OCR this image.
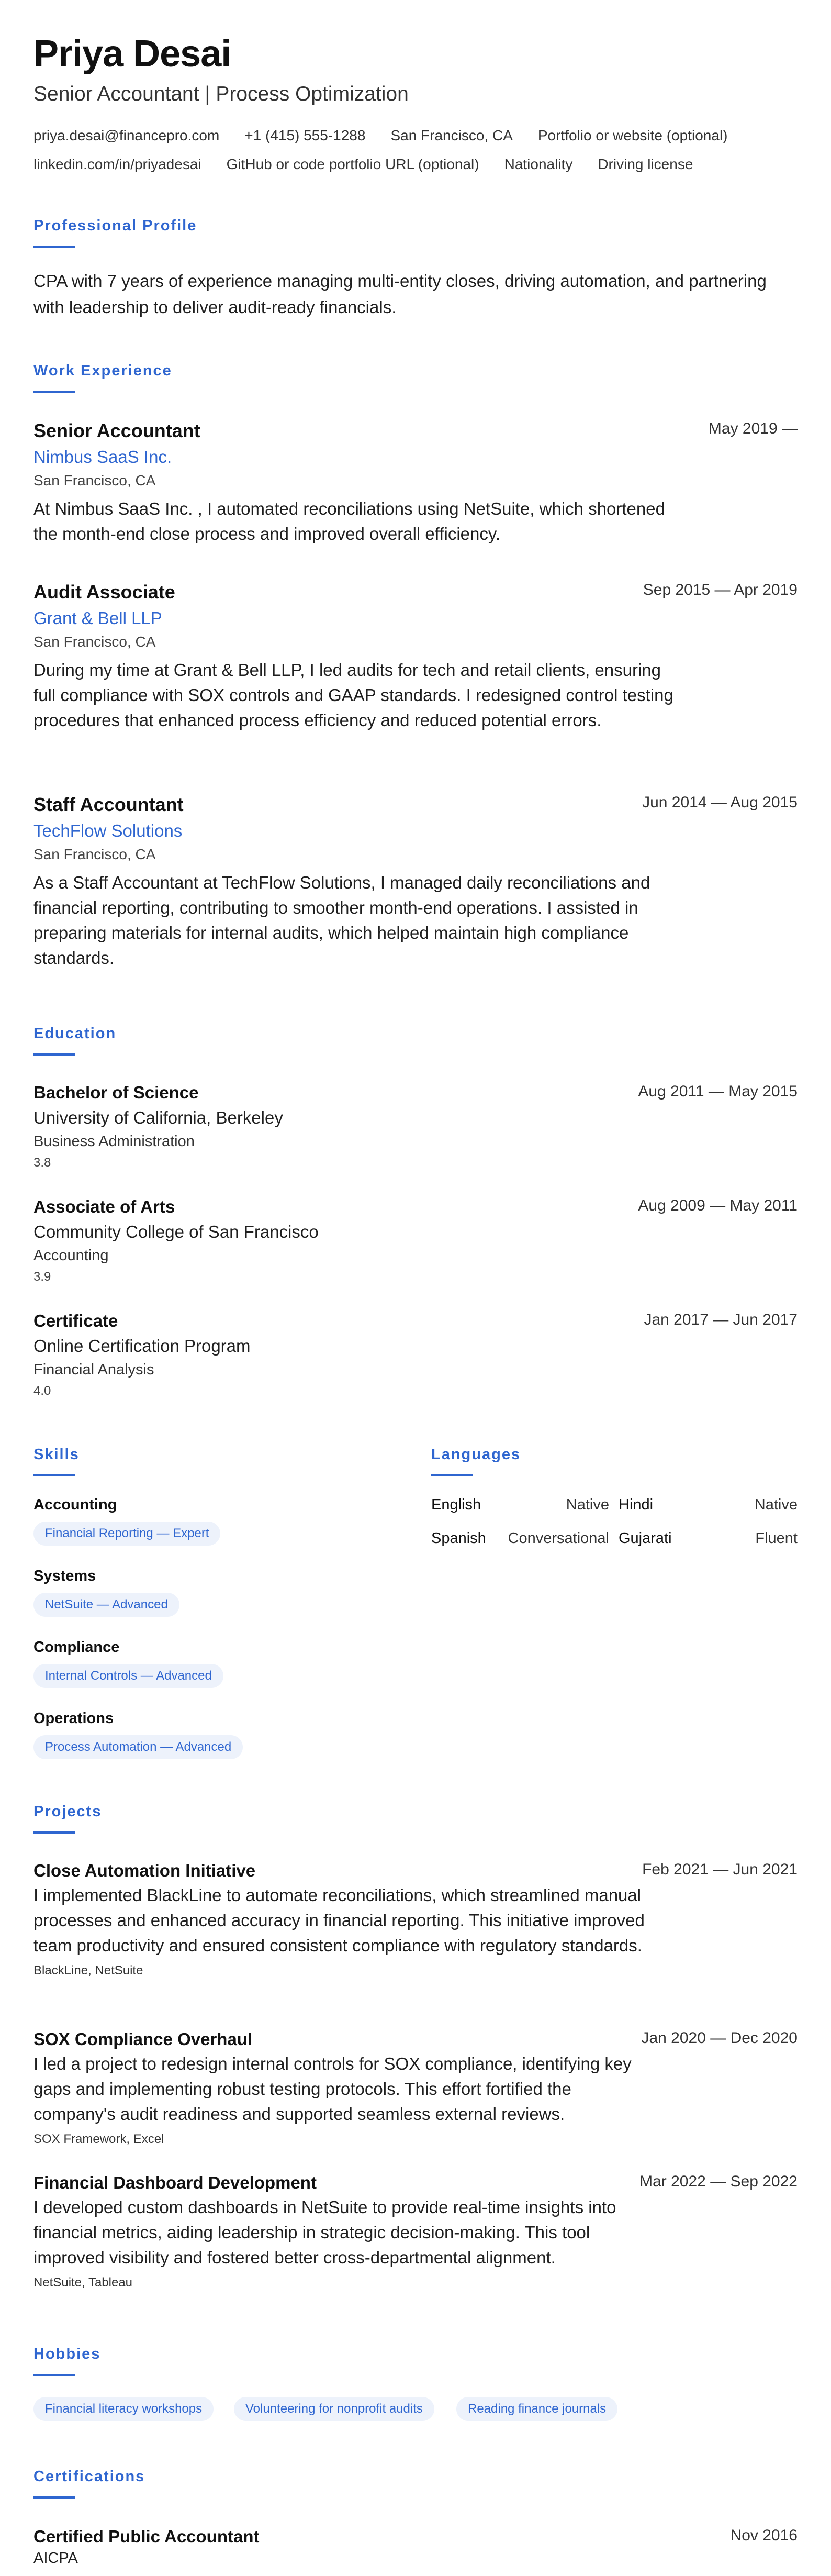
Priya Desai
Senior Accountant | Process Optimization
priya.desai@financepro.com +1 (415) 555-1288 San Francisco, CA Portfolio or website (optional)
linkedin.com/in/priyadesai GitHub or code portfolio URL (optional) Nationality Driving license
Professional Profile
CPA with 7 years of experience managing multi-entity closes, driving automation, and partnering with leadership to deliver audit-ready financials.
Work Experience
Senior Accountant
Nimbus SaaS Inc.
San Francisco, CA
At Nimbus SaaS Inc. , I automated reconciliations using NetSuite, which shortened the month-end close process and improved overall efficiency.
May 2019 —
Audit Associate
Grant & Bell LLP
San Francisco, CA
During my time at Grant & Bell LLP, I led audits for tech and retail clients, ensuring full compliance with SOX controls and GAAP standards. I redesigned control testing procedures that enhanced process efficiency and reduced potential errors.
Sep 2015 — Apr 2019
Staff Accountant
TechFlow Solutions
San Francisco, CA
As a Staff Accountant at TechFlow Solutions, I managed daily reconciliations and financial reporting, contributing to smoother month-end operations. I assisted in preparing materials for internal audits, which helped maintain high compliance standards.
Jun 2014 — Aug 2015
Education
Bachelor of Science
University of California, Berkeley
Business Administration
3.8
Aug 2011 — May 2015
Associate of Arts
Community College of San Francisco
Accounting
3.9
Aug 2009 — May 2011
Certificate
Online Certification Program
Financial Analysis
4.0
Jan 2017 — Jun 2017
Skills
Accounting
Financial Reporting — Expert
Systems
NetSuite — Advanced
Compliance
Internal Controls — Advanced
Operations
Process Automation — Advanced
Languages
English	Native Hindi	Native
Spanish	Conversational Gujarati	Fluent
Projects
Close Automation Initiative
I implemented BlackLine to automate reconciliations, which streamlined manual processes and enhanced accuracy in financial reporting. This initiative improved team productivity and ensured consistent compliance with regulatory standards.
BlackLine, NetSuite
Feb 2021 — Jun 2021
SOX Compliance Overhaul
I led a project to redesign internal controls for SOX compliance, identifying key gaps and implementing robust testing protocols. This effort fortified the company's audit readiness and supported seamless external reviews.
SOX Framework, Excel
Jan 2020 — Dec 2020
Financial Dashboard Development
I developed custom dashboards in NetSuite to provide real-time insights into financial metrics, aiding leadership in strategic decision-making. This tool improved visibility and fostered better cross-departmental alignment.
NetSuite, Tableau
Mar 2022 — Sep 2022
Hobbies
Financial literacy workshops	Volunteering for nonprofit audits	Reading finance journals
Certifications
Certified Public Accountant
AICPA
Nov 2016
